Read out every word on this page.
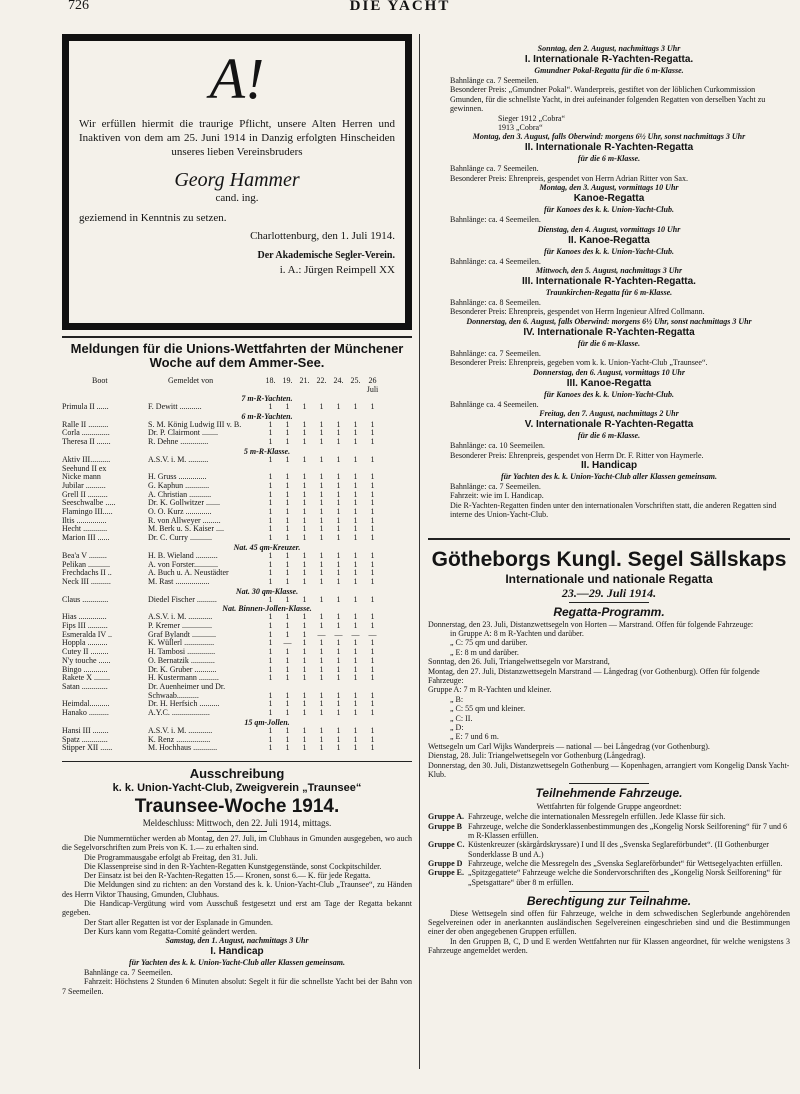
726	DIE YACHT
A!

Wir erfüllen hiermit die traurige Pflicht, unsere Alten Herren und Inaktiven von dem am 25. Juni 1914 in Danzig erfolgten Hinscheiden unseres lieben Vereinsbruders

Georg Hammer

cand. ing.

geziemend in Kenntnis zu setzen.

Charlottenburg, den 1. Juli 1914.

Der Akademische Segler-Verein.

i. A.: Jürgen Reimpell XX

Meldungen für die Unions-Wettfahrten der Münchener
Woche auf dem Ammer-See.
Boot	Gemeldet von	18. 19. 21. 22. 24. 25.	26 Juli
7 m-R-Yachten.
Primula II ......	F. Dewitt ...........	1	1	1	1	1	1	1
6 m-R-Yachten.
Ralle II ..........	S. M. König Ludwig III v. B.	1	1	1	1	1	1	1
Corla ..............	Dr. P. Clairmont ........	1	1	1	1	1	1	1
Theresa II .......	R. Dehne ..............	1	1	1	1	1	1	1
5 m-R-Klasse.
Aktiv III..........	A.S.V. i. M. ..........	1	1	1	1	1	1	1
Seehund II ex
Nicke mann	H. Gruss ..............	1	1	1	1	1	1	1
Jubilar ..........	G. Kaphun ............	1	1	1	1	1	1	1
Grell II ..........	A. Christian ...........	1	1	1	1	1	1	1
Seeschwalbe .....	Dr. K. Gollwitzer .......	1	1	1	1	1	1	1
Flamingo III.....	O. O. Kurz .............	1	1	1	1	1	1	1
Iltis ...............	R. von Allweyer .........	1	1	1	1	1	1	1
Hecht ............	M. Berk u. S. Kaiser ....	1	1	1	1	1	1	1
Marion III ......	Dr. C. Curry ...........	1	1	1	1	1	1	1
Nat. 45 qm-Kreuzer.
Bea'a V .........	H. B. Wieland ...........	1	1	1	1	1	1	1
Pelikan ...........	A. von Forster............	1	1	1	1	1	1	1
Frechdachs II ..	A. Buch u. A. Neustädter	1	1	1	1	1	1	1
Neck III ..........	M. Rast .................	1	1	1	1	1	1	1
Nat. 30 qm-Klasse.
Claus .............	Diedel Fischer ..........	1	1	1	1	1	1	1
Nat. Binnen-Jollen-Klasse.
Hias ..............	A.S.V. i. M. ............	1	1	1	1	1	1	1
Fips III ..........	P. Kremer ...............	1	1	1	1	1	1	1
Esmeralda IV ..	Graf Bylandt ............	1	1	1	—	—	—	—
Hoppla ..........	K. Wüllerl ...............	1	—	1	1	1	1	1
Cutey II .........	H. Tambosi ..............	1	1	1	1	1	1	1
N'y touche ......	O. Bernatzik ............	1	1	1	1	1	1	1
Bingo ............	Dr. K. Gruber ...........	1	1	1	1	1	1	1
Rakete X ........	H. Kustermann ..........	1	1	1	1	1	1	1
Satan .............	Dr. Auenheimer und Dr.
Schwaab...........	1	1	1	1	1	1	1
Heimdal..........	Dr. H. Herfsich ..........	1	1	1	1	1	1	1
Hanako ..........	A.Y.C. ...................	1	1	1	1	1	1	1
15 qm-Jollen.
Hansi III ........	A.S.V. i. M. ............	1	1	1	1	1	1	1
Spatz .............	K. Renz .................	1	1	1	1	1	1	1
Stipper XII ......	M. Hochhaus ............	1	1	1	1	1	1	1
Ausschreibung
k. k. Union-Yacht-Club, Zweigverein „Traunsee“
Traunsee-Woche 1914.
Meldeschluss: Mittwoch, den 22. Juli 1914, mittags.

Die Nummerntücher werden ab Montag, den 27. Juli, im Clubhaus in Gmunden ausgegeben, wo auch die Segelvorschriften zum Preis von K. 1.— zu erhalten sind.

Die Programmausgabe erfolgt ab Freitag, den 31. Juli.

Die Klassenpreise sind in den R-Yachten-Regatten Kunstgegenstände, sonst Cockpitschilder.

Der Einsatz ist bei den R-Yachten-Regatten 15.— Kronen, sonst 6.— K. für jede Regatta.

Die Meldungen sind zu richten: an den Vorstand des k. k. Union-Yacht-Club „Traunsee“, zu Händen des Herrn Viktor Thausing, Gmunden, Clubhaus.

Die Handicap-Vergütung wird vom Ausschuß festgesetzt und erst am Tage der Regatta bekannt gegeben.

Der Start aller Regatten ist vor der Esplanade in Gmunden.

Der Kurs kann vom Regatta-Comité geändert werden.

Samstag, den 1. August, nachmittags 3 Uhr
I. Handicap
für Yachten des k. k. Union-Yacht-Club aller Klassen gemeinsam.

Bahnlänge ca. 7 Seemeilen.

Fahrzeit: Höchstens 2 Stunden 6 Minuten absolut: Segelt it für die schnellste Yacht bei der Bahn von 7 Seemeilen.

Sonntag, den 2. August, nachmittags 3 Uhr
I. Internationale R-Yachten-Regatta.
Gmundner Pokal-Regatta für die 6 m-Klasse.

Bahnlänge ca. 7 Seemeilen.

Besonderer Preis: „Gmundner Pokal“. Wanderpreis, gestiftet von der löblichen Curkommission Gmunden, für die schnellste Yacht, in drei aufeinander folgenden Regatten von derselben Yacht zu gewinnen.

Sieger 1912 „Cobra“

1913 „Cobra“

Montag, den 3. August, falls Oberwind: morgens 6½ Uhr, sonst nachmittags 3 Uhr
II. Internationale R-Yachten-Regatta
für die 6 m-Klasse.

Bahnlänge ca. 7 Seemeilen.

Besonderer Preis: Ehrenpreis, gespendet von Herrn Adrian Ritter von Sax.

Montag, den 3. August, vormittags 10 Uhr
Kanoe-Regatta
für Kanoes des k. k. Union-Yacht-Club.

Bahnlänge: ca. 4 Seemeilen.

Dienstag, den 4. August, vormittags 10 Uhr
II. Kanoe-Regatta
für Kanoes des k. k. Union-Yacht-Club.

Bahnlänge: ca. 4 Seemeilen.

Mittwoch, den 5. August, nachmittags 3 Uhr
III. Internationale R-Yachten-Regatta.
Traunkirchen-Regatta für 6 m-Klasse.

Bahnlänge: ca. 8 Seemeilen.

Besonderer Preis: Ehrenpreis, gespendet von Herrn Ingenieur Alfred Collmann.

Donnerstag, den 6. August, falls Oberwind: morgens 6½ Uhr, sonst nachmittags 3 Uhr
IV. Internationale R-Yachten-Regatta
für die 6 m-Klasse.

Bahnlänge: ca. 7 Seemeilen.

Besonderer Preis: Ehrenpreis, gegeben vom k. k. Union-Yacht-Club „Traunsee“.

Donnerstag, den 6. August, vormittags 10 Uhr
III. Kanoe-Regatta
für Kanoes des k. k. Union-Yacht-Club.

Bahnlänge ca. 4 Seemeilen.

Freitag, den 7. August, nachmittags 2 Uhr
V. Internationale R-Yachten-Regatta
für die 6 m-Klasse.

Bahnlänge: ca. 10 Seemeilen.

Besonderer Preis: Ehrenpreis, gespendet von Herrn Dr. F. Ritter von Haymerle.

II. Handicap
für Yachten des k. k. Union-Yacht-Club aller Klassen gemeinsam.

Bahnlänge: ca. 7 Seemeilen.

Fahrzeit: wie im I. Handicap.

Die R-Yachten-Regatten finden unter den internationalen Vorschriften statt, die anderen Regatten sind interne des Union-Yacht-Club.

Götheborgs Kungl. Segel Sällskaps
Internationale und nationale Regatta
23.—29. Juli 1914.
Regatta-Programm.

Donnerstag, den 23. Juli, Distanzwettsegeln von Horten — Marstrand. Offen für folgende Fahrzeuge:

in Gruppe A: 8 m R-Yachten und darüber.

„ C: 75 qm und darüber.

„ E: 8 m und darüber.

Sonntag, den 26. Juli, Triangelwettsegeln vor Marstrand,

Montag, den 27. Juli, Distanzwettsegeln Marstrand — Långedrag (vor Gothenburg). Offen für folgende Fahrzeuge:

Gruppe A: 7 m R-Yachten und kleiner.

„ B:

„ C: 55 qm und kleiner.

„ C: II.

„ D:

„ E: 7 und 6 m.

Wettsegeln um Carl Wijks Wanderpreis — national — bei Långedrag (vor Gothenburg).

Dienstag, 28. Juli: Triangelwettsegeln vor Gothenburg (Långedrag).

Donnerstag, den 30. Juli, Distanzwettsegeln Gothenburg — Kopenhagen, arrangiert vom Kongelig Dansk Yacht-Klub.

Teilnehmende Fahrzeuge.
Wettfahrten für folgende Gruppe angeordnet:
Gruppe A. Fahrzeuge, welche die internationalen Messregeln erfüllen. Jede Klasse für sich.
Gruppe B Fahrzeuge, welche die Sonderklassenbestimmungen des „Kongelig Norsk Seilforening“ für 7 und 6 m R-Klassen erfüllen.
Gruppe C. Küstenkreuzer (skärgårdskryssare) I und II des „Svenska Seglareförbundet“. (II Gothenburger Sonderklasse B und A.)
Gruppe D Fahrzeuge, welche die Messregeln des „Svenska Seglareförbundet“ für Wettsegelyachten erfüllen.
Gruppe E. „Spitzgegattete“ Fahrzeuge welche die Sondervorschriften des „Kongelig Norsk Seilforening“ für „Spetsgattare“ über 8 m erfüllen.
Berechtigung zur Teilnahme.

Diese Wettsegeln sind offen für Fahrzeuge, welche in dem schwedischen Seglerbunde angehörenden Segelvereinen oder in anerkannten ausländischen Segelvereinen eingeschrieben sind und die Bestimmungen einer der oben angegebenen Gruppen erfüllen.

In den Gruppen B, C, D und E werden Wettfahrten nur für Klassen angeordnet, für welche wenigstens 3 Fahrzeuge angemeldet werden.
